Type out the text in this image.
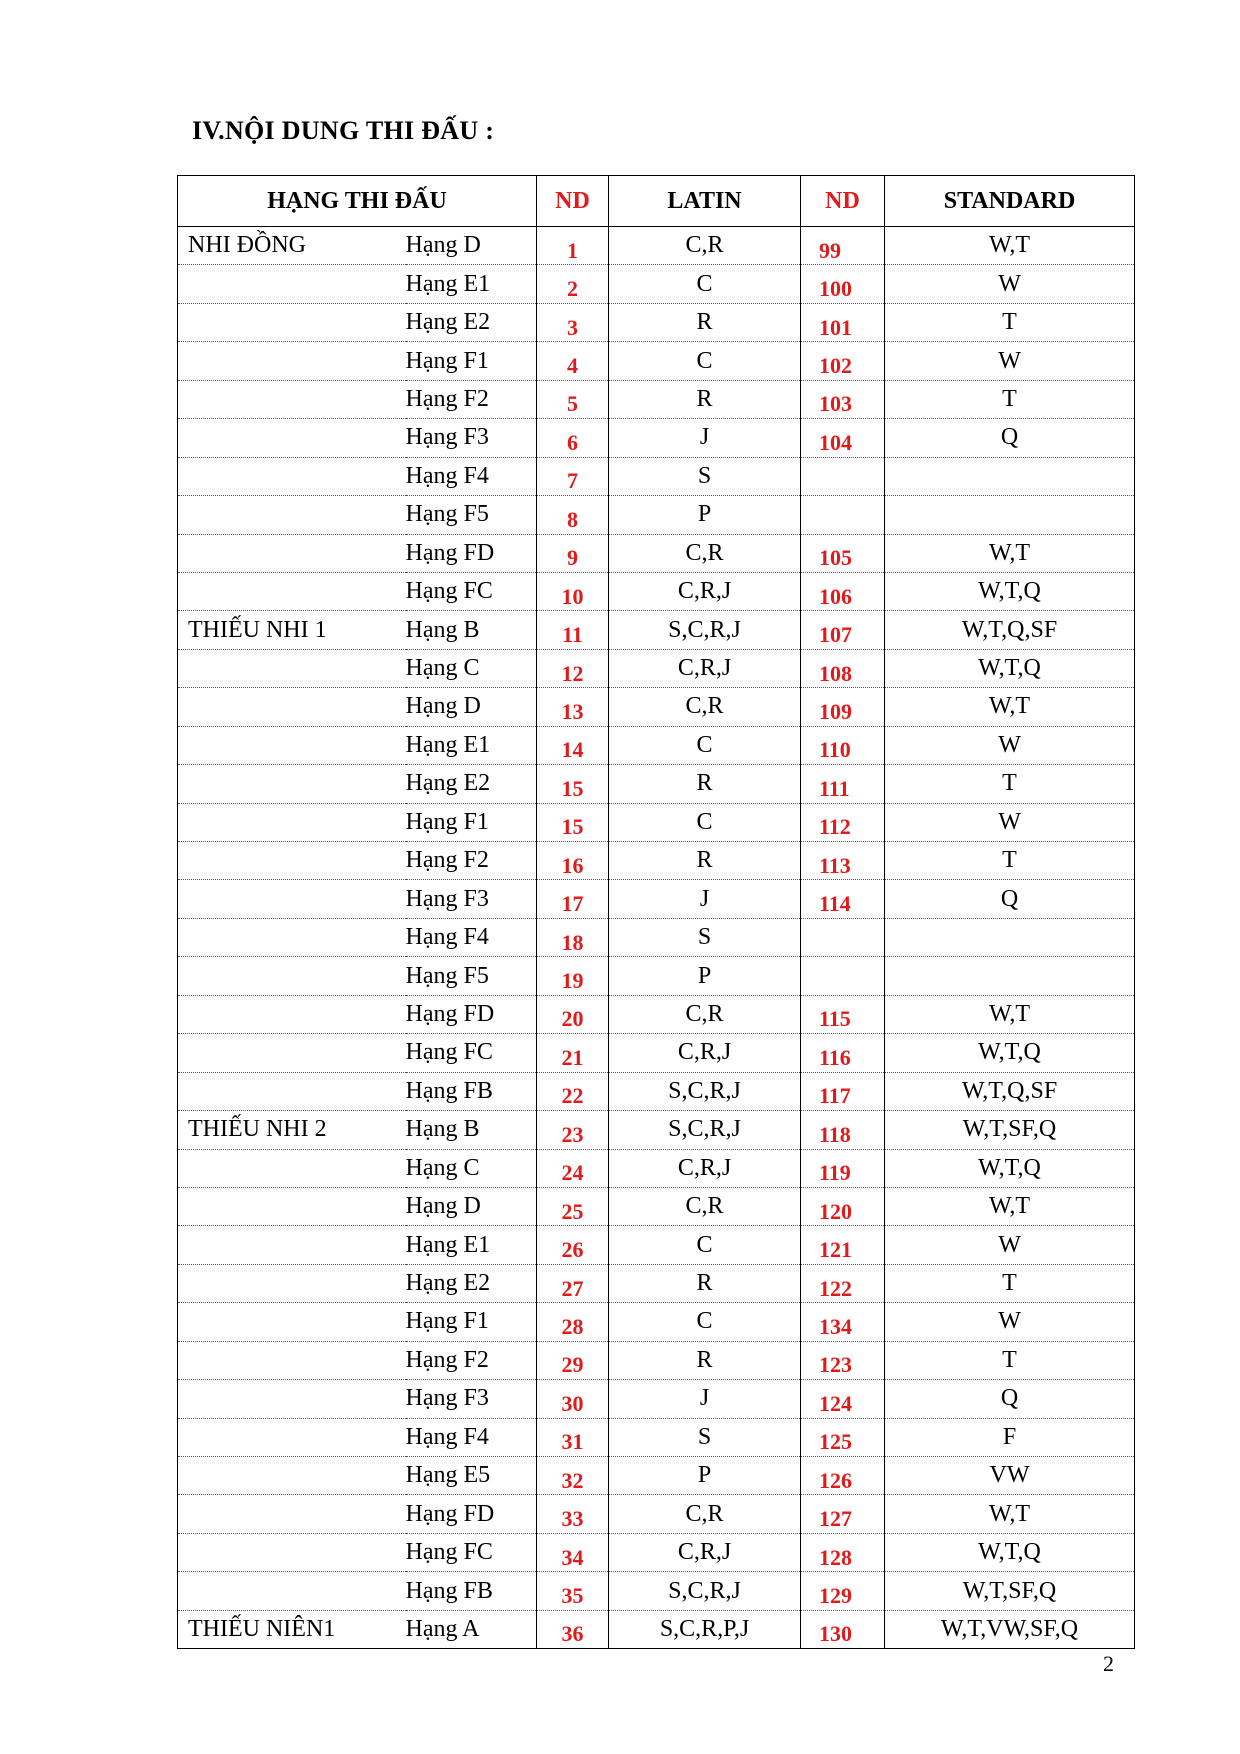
IV.NỘI DUNG THI ĐẤU :
HẠNG THI ĐẤU		ND	LATIN	ND	STANDARD
NHI ĐỒNG	Hạng D	1	C,R	99	W,T
	Hạng E1	2	C	100	W
	Hạng E2	3	R	101	T
	Hạng F1	4	C	102	W
	Hạng F2	5	R	103	T
	Hạng F3	6	J	104	Q
	Hạng F4	7	S		
	Hạng F5	8	P		
	Hạng FD	9	C,R	105	W,T
	Hạng FC	10	C,R,J	106	W,T,Q
THIẾU NHI 1	Hạng B	11	S,C,R,J	107	W,T,Q,SF
	Hạng C	12	C,R,J	108	W,T,Q
	Hạng D	13	C,R	109	W,T
	Hạng E1	14	C	110	W
	Hạng E2	15	R	111	T
	Hạng F1	15	C	112	W
	Hạng F2	16	R	113	T
	Hạng F3	17	J	114	Q
	Hạng F4	18	S		
	Hạng F5	19	P		
	Hạng FD	20	C,R	115	W,T
	Hạng FC	21	C,R,J	116	W,T,Q
	Hạng FB	22	S,C,R,J	117	W,T,Q,SF
THIẾU NHI 2	Hạng B	23	S,C,R,J	118	W,T,SF,Q
	Hạng C	24	C,R,J	119	W,T,Q
	Hạng D	25	C,R	120	W,T
	Hạng E1	26	C	121	W
	Hạng E2	27	R	122	T
	Hạng F1	28	C	134	W
	Hạng F2	29	R	123	T
	Hạng F3	30	J	124	Q
	Hạng F4	31	S	125	F
	Hạng E5	32	P	126	VW
	Hạng FD	33	C,R	127	W,T
	Hạng FC	34	C,R,J	128	W,T,Q
	Hạng FB	35	S,C,R,J	129	W,T,SF,Q
THIẾU NIÊN1	Hạng A	36	S,C,R,P,J	130	W,T,VW,SF,Q
2
